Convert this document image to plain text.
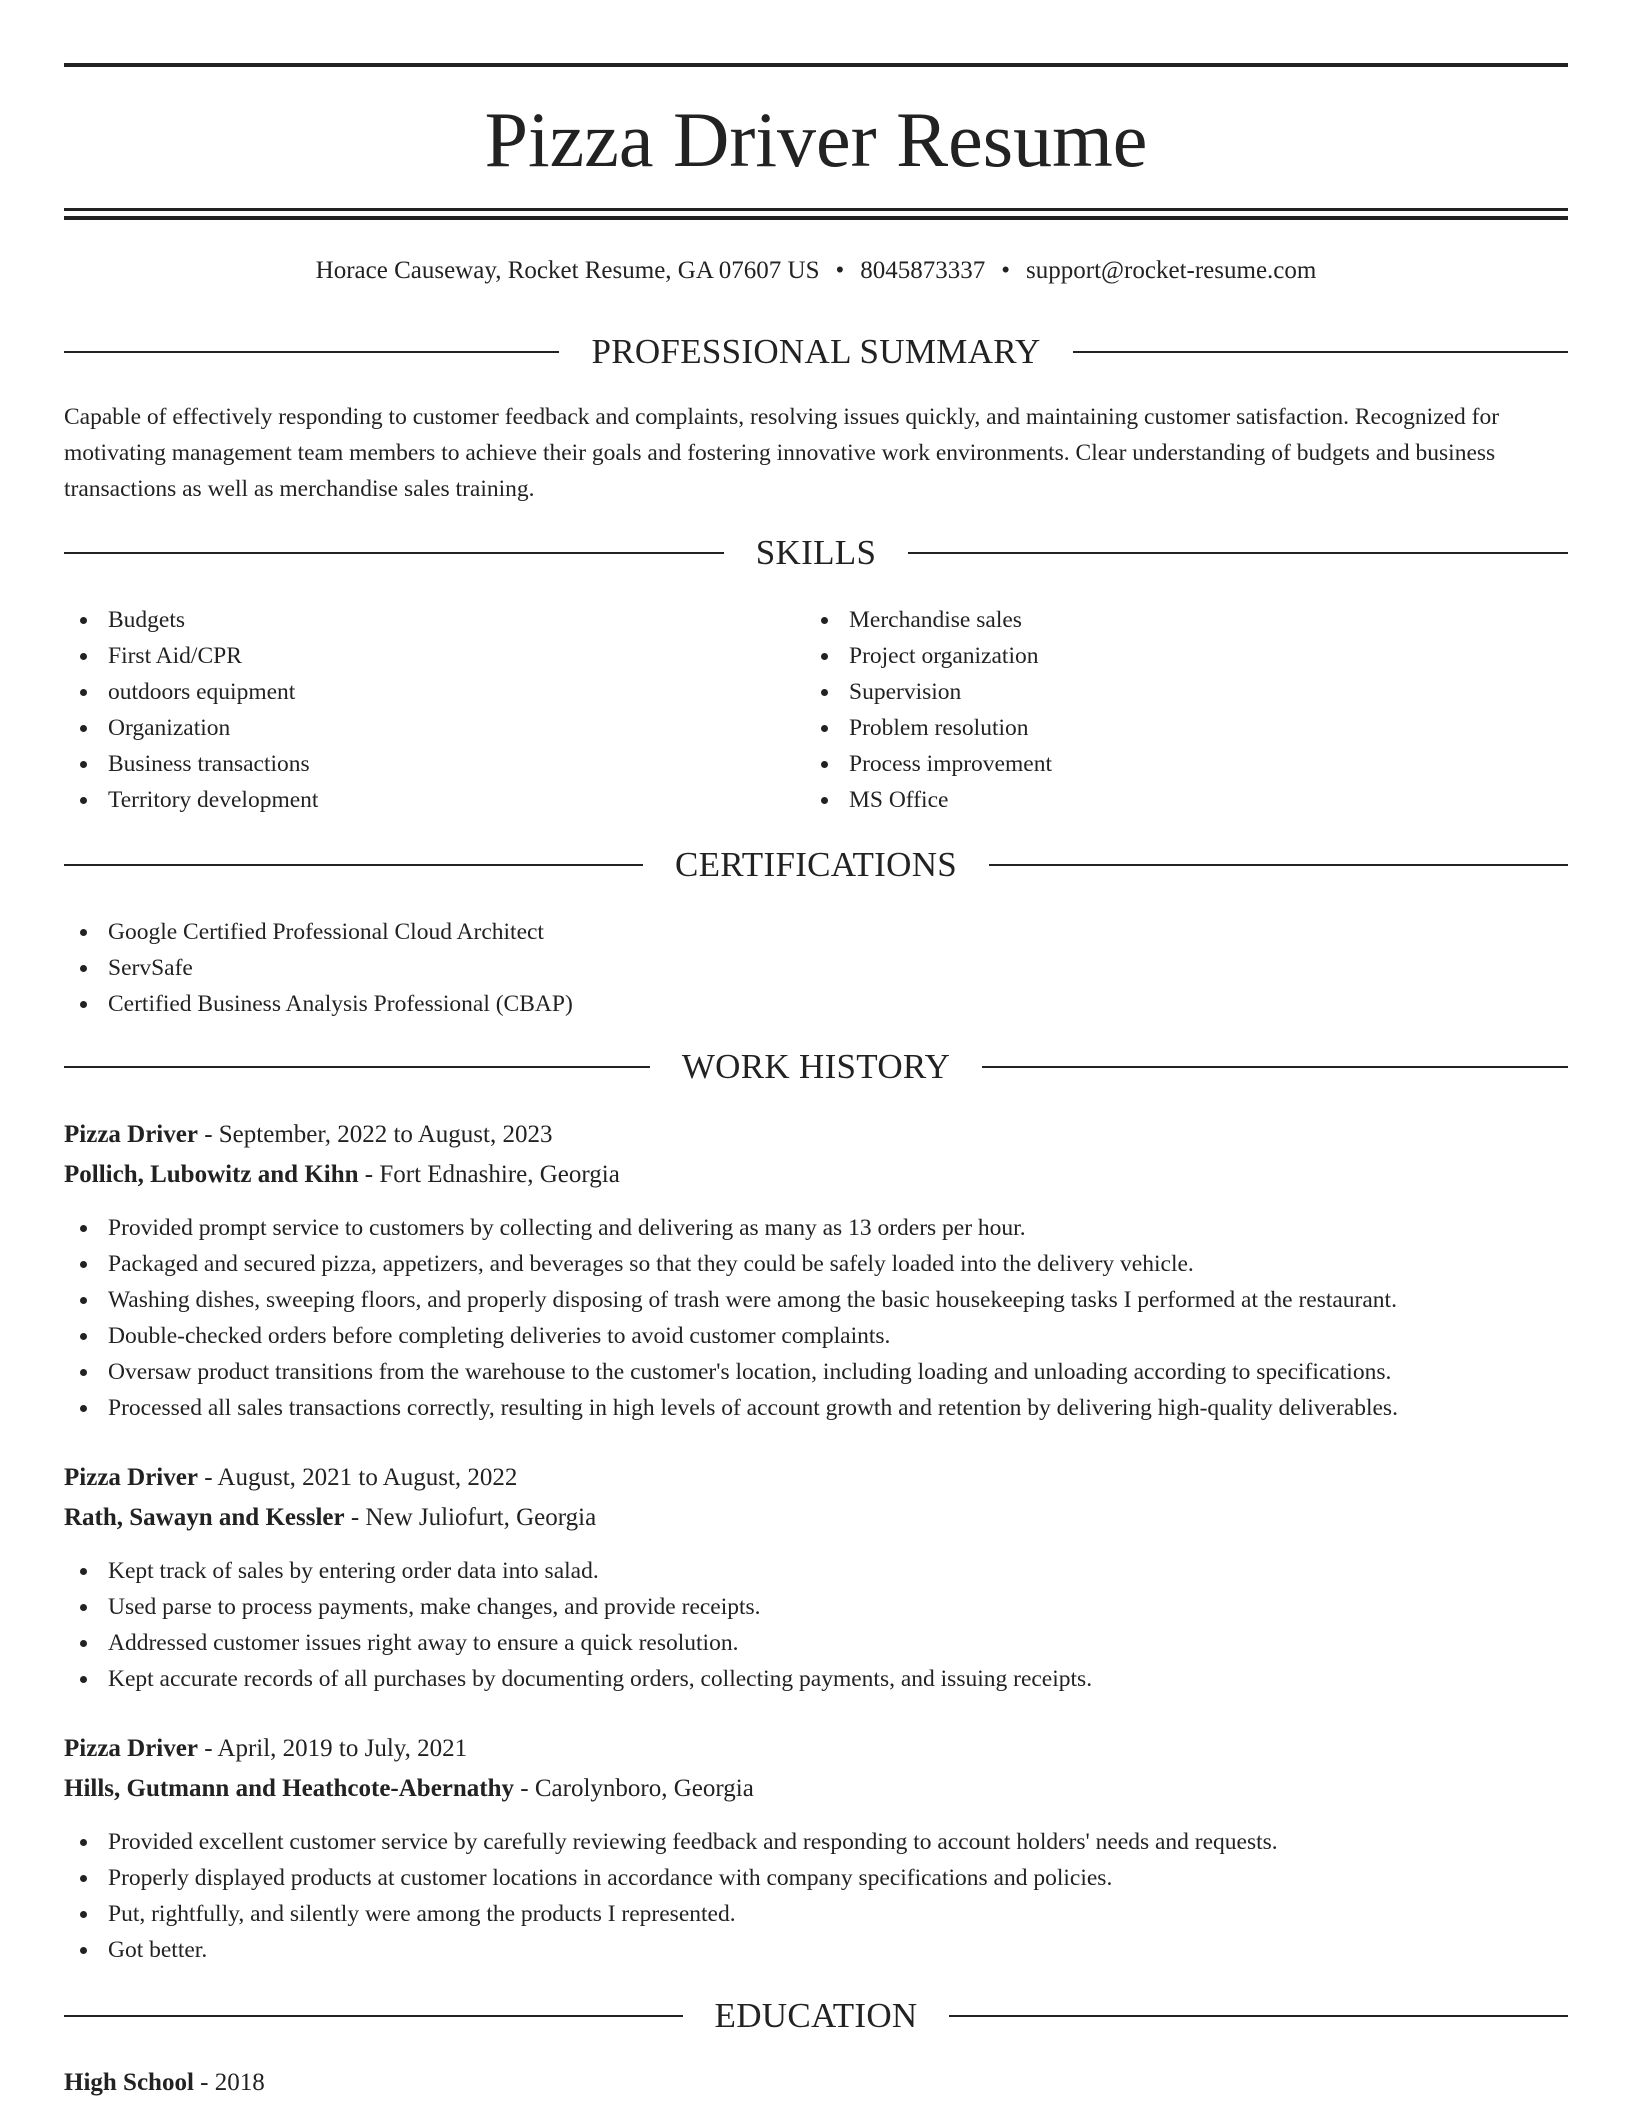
Pizza Driver Resume
Horace Causeway, Rocket Resume, GA 07607 US • 8045873337 • support@rocket-resume.com
PROFESSIONAL SUMMARY

Capable of effectively responding to customer feedback and complaints, resolving issues quickly, and maintaining customer satisfaction. Recognized for motivating management team members to achieve their goals and fostering innovative work environments. Clear understanding of budgets and business transactions as well as merchandise sales training.

SKILLS
Budgets
First Aid/CPR
outdoors equipment
Organization
Business transactions
Territory development
Merchandise sales
Project organization
Supervision
Problem resolution
Process improvement
MS Office
CERTIFICATIONS
Google Certified Professional Cloud Architect
ServSafe
Certified Business Analysis Professional (CBAP)
WORK HISTORY
Pizza Driver - September, 2022 to August, 2023
Pollich, Lubowitz and Kihn - Fort Ednashire, Georgia
Provided prompt service to customers by collecting and delivering as many as 13 orders per hour.
Packaged and secured pizza, appetizers, and beverages so that they could be safely loaded into the delivery vehicle.
Washing dishes, sweeping floors, and properly disposing of trash were among the basic housekeeping tasks I performed at the restaurant.
Double-checked orders before completing deliveries to avoid customer complaints.
Oversaw product transitions from the warehouse to the customer's location, including loading and unloading according to specifications.
Processed all sales transactions correctly, resulting in high levels of account growth and retention by delivering high-quality deliverables.
Pizza Driver - August, 2021 to August, 2022
Rath, Sawayn and Kessler - New Juliofurt, Georgia
Kept track of sales by entering order data into salad.
Used parse to process payments, make changes, and provide receipts.
Addressed customer issues right away to ensure a quick resolution.
Kept accurate records of all purchases by documenting orders, collecting payments, and issuing receipts.
Pizza Driver - April, 2019 to July, 2021
Hills, Gutmann and Heathcote-Abernathy - Carolynboro, Georgia
Provided excellent customer service by carefully reviewing feedback and responding to account holders' needs and requests.
Properly displayed products at customer locations in accordance with company specifications and policies.
Put, rightfully, and silently were among the products I represented.
Got better.
EDUCATION
High School - 2018
